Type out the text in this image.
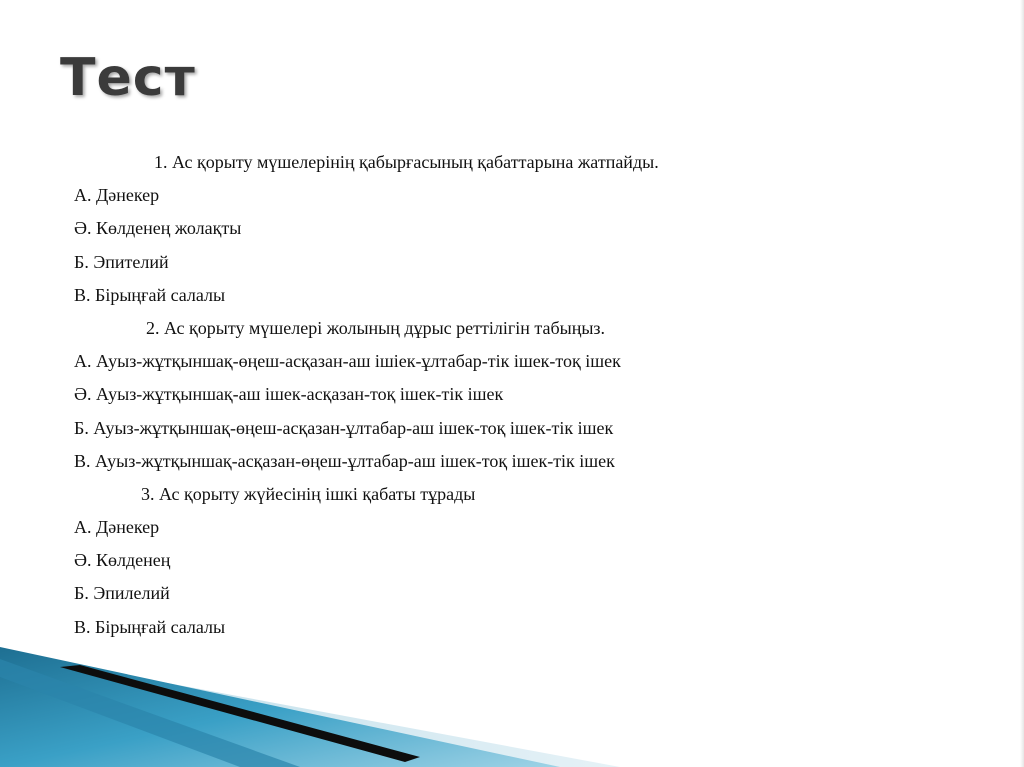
Тест
1. Ас қорыту мүшелерінің қабырғасының қабаттарына жатпайды.
А. Дәнекер
Ә. Көлденең жолақты
Б. Эпителий
В. Бірыңғай салалы
2. Ас қорыту мүшелері жолының дұрыс реттілігін табыңыз.
А. Ауыз-жұтқыншақ-өңеш-асқазан-аш ішіек-ұлтабар-тік ішек-тоқ ішек
Ә. Ауыз-жұтқыншақ-аш ішек-асқазан-тоқ ішек-тік ішек
Б. Ауыз-жұтқыншақ-өңеш-асқазан-ұлтабар-аш ішек-тоқ ішек-тік ішек
В. Ауыз-жұтқыншақ-асқазан-өңеш-ұлтабар-аш ішек-тоқ ішек-тік ішек
3. Ас қорыту жүйесінің ішкі қабаты тұрады
А. Дәнекер
Ә. Көлденең
Б. Эпилелий
В. Бірыңғай салалы
